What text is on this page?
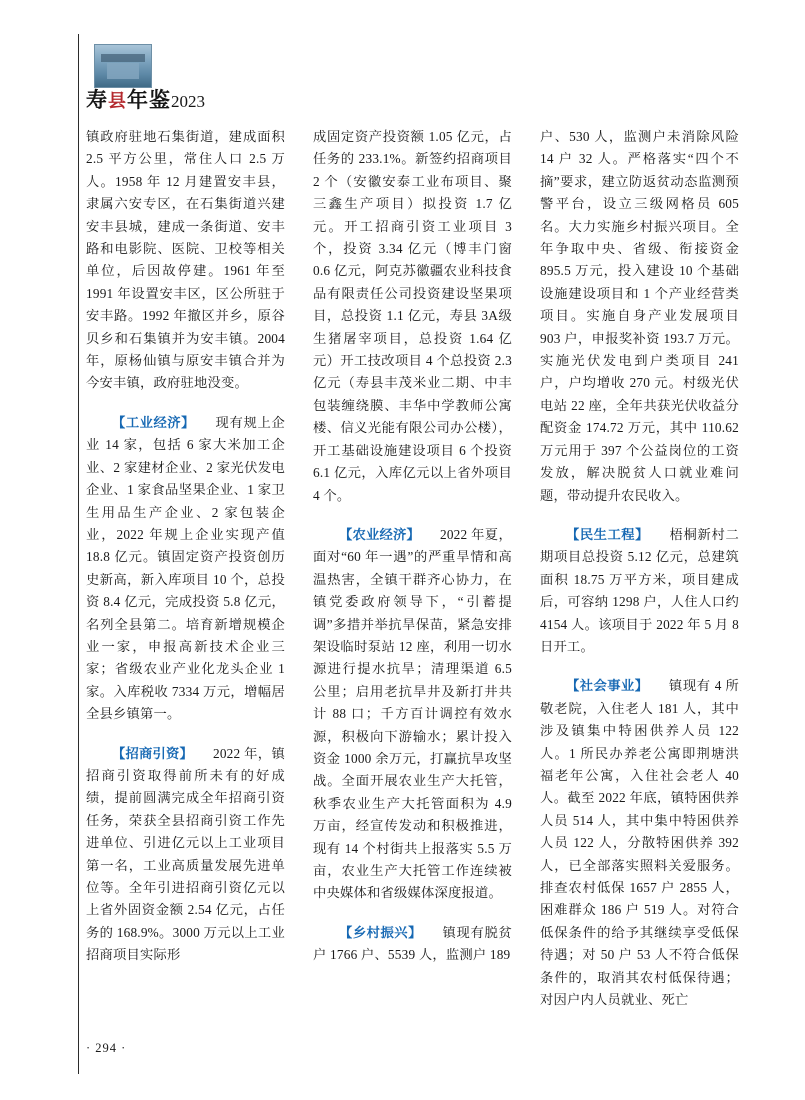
寿县年鉴2023

镇政府驻地石集街道，建成面积 2.5 平方公里，常住人口 2.5 万人。1958 年 12 月建置安丰县，隶属六安专区，在石集街道兴建安丰县城，建成一条街道、安丰路和电影院、医院、卫校等相关单位，后因故停建。1961 年至 1991 年设置安丰区，区公所驻于安丰路。1992 年撤区并乡，原谷贝乡和石集镇并为安丰镇。2004 年，原杨仙镇与原安丰镇合并为今安丰镇，政府驻地没变。

【工业经济】 现有规上企业 14 家，包括 6 家大米加工企业、2 家建材企业、2 家光伏发电企业、1 家食品坚果企业、1 家卫生用品生产企业、2 家包装企业，2022 年规上企业实现产值 18.8 亿元。镇固定资产投资创历史新高，新入库项目 10 个，总投资 8.4 亿元，完成投资 5.8 亿元，名列全县第二。培育新增规模企业一家，申报高新技术企业三家；省级农业产业化龙头企业 1 家。入库税收 7334 万元，增幅居全县乡镇第一。

【招商引资】 2022 年，镇招商引资取得前所未有的好成绩，提前圆满完成全年招商引资任务，荣获全县招商引资工作先进单位、引进亿元以上工业项目第一名，工业高质量发展先进单位等。全年引进招商引资亿元以上省外固资金额 2.54 亿元，占任务的 168.9%。3000 万元以上工业招商项目实际形

成固定资产投资额 1.05 亿元，占任务的 233.1%。新签约招商项目 2 个（安徽安泰工业布项目、聚三鑫生产项目）拟投资 1.7 亿元。开工招商引资工业项目 3 个，投资 3.34 亿元（博丰门窗 0.6 亿元，阿克苏徽疆农业科技食品有限责任公司投资建设坚果项目，总投资 1.1 亿元，寿县 3A级生猪屠宰项目，总投资 1.64 亿元）开工技改项目 4 个总投资 2.3 亿元（寿县丰茂米业二期、中丰包装缠绕膜、丰华中学教师公寓楼、信义光能有限公司办公楼），开工基础设施建设项目 6 个投资 6.1 亿元，入库亿元以上省外项目 4 个。

【农业经济】 2022 年夏，面对“60 年一遇”的严重旱情和高温热害，全镇干群齐心协力，在镇党委政府领导下，“引蓄提调”多措并举抗旱保苗，紧急安排架设临时泵站 12 座，利用一切水源进行提水抗旱；清理渠道 6.5 公里；启用老抗旱井及新打井共计 88 口；千方百计调控有效水源，积极向下游输水；累计投入资金 1000 余万元，打赢抗旱攻坚战。全面开展农业生产大托管，秋季农业生产大托管面积为 4.9 万亩，经宣传发动和积极推进，现有 14 个村街共上报落实 5.5 万亩，农业生产大托管工作连续被中央媒体和省级媒体深度报道。

【乡村振兴】 镇现有脱贫户 1766 户、5539 人，监测户 189

户、530 人，监测户未消除风险 14 户 32 人。严格落实“四个不摘”要求，建立防返贫动态监测预警平台，设立三级网格员 605 名。大力实施乡村振兴项目。全年争取中央、省级、衔接资金 895.5 万元，投入建设 10 个基础设施建设项目和 1 个产业经营类项目。实施自身产业发展项目 903 户，申报奖补资 193.7 万元。实施光伏发电到户类项目 241 户，户均增收 270 元。村级光伏电站 22 座，全年共获光伏收益分配资金 174.72 万元，其中 110.62 万元用于 397 个公益岗位的工资发放，解决脱贫人口就业难问题，带动提升农民收入。

【民生工程】 梧桐新村二期项目总投资 5.12 亿元，总建筑面积 18.75 万平方米，项目建成后，可容纳 1298 户，人住人口约 4154 人。该项目于 2022 年 5 月 8 日开工。

【社会事业】 镇现有 4 所敬老院，入住老人 181 人，其中涉及镇集中特困供养人员 122 人。1 所民办养老公寓即荆塘洪福老年公寓，入住社会老人 40 人。截至 2022 年底，镇特困供养人员 514 人，其中集中特困供养人员 122 人，分散特困供养 392 人，已全部落实照料关爱服务。排查农村低保 1657 户 2855 人，困难群众 186 户 519 人。对符合低保条件的给予其继续享受低保待遇；对 50 户 53 人不符合低保条件的，取消其农村低保待遇；对因户内人员就业、死亡

· 294 ·
